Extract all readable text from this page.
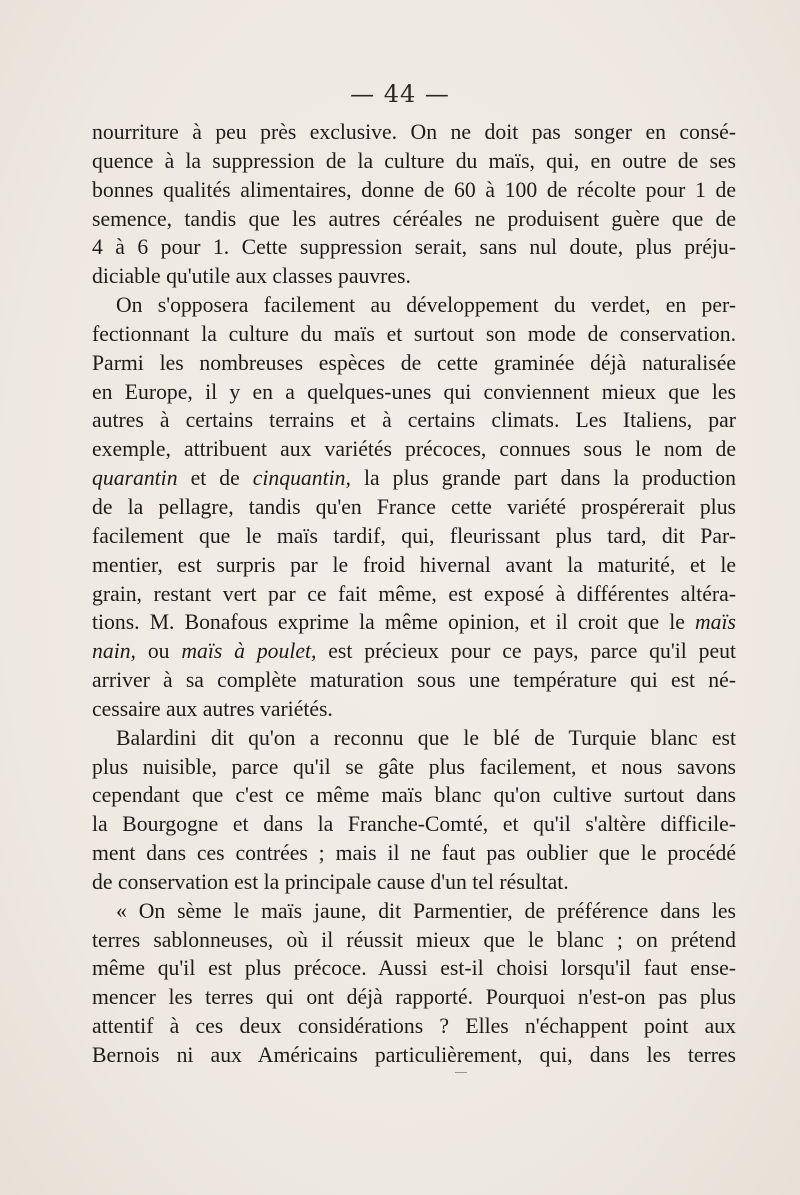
— 44 —
nourriture à peu près exclusive. On ne doit pas songer en consé-
quence à la suppression de la culture du maïs, qui, en outre de ses
bonnes qualités alimentaires, donne de 60 à 100 de récolte pour 1 de
semence, tandis que les autres céréales ne produisent guère que de
4 à 6 pour 1. Cette suppression serait, sans nul doute, plus préju-
diciable qu'utile aux classes pauvres.
On s'opposera facilement au développement du verdet, en per-
fectionnant la culture du maïs et surtout son mode de conservation.
Parmi les nombreuses espèces de cette graminée déjà naturalisée
en Europe, il y en a quelques-unes qui conviennent mieux que les
autres à certains terrains et à certains climats. Les Italiens, par
exemple, attribuent aux variétés précoces, connues sous le nom de
quarantin et de cinquantin, la plus grande part dans la production
de la pellagre, tandis qu'en France cette variété prospérerait plus
facilement que le maïs tardif, qui, fleurissant plus tard, dit Par-
mentier, est surpris par le froid hivernal avant la maturité, et le
grain, restant vert par ce fait même, est exposé à différentes altéra-
tions. M. Bonafous exprime la même opinion, et il croit que le maïs
nain, ou maïs à poulet, est précieux pour ce pays, parce qu'il peut
arriver à sa complète maturation sous une température qui est né-
cessaire aux autres variétés.
Balardini dit qu'on a reconnu que le blé de Turquie blanc est
plus nuisible, parce qu'il se gâte plus facilement, et nous savons
cependant que c'est ce même maïs blanc qu'on cultive surtout dans
la Bourgogne et dans la Franche-Comté, et qu'il s'altère difficile-
ment dans ces contrées ; mais il ne faut pas oublier que le procédé
de conservation est la principale cause d'un tel résultat.
« On sème le maïs jaune, dit Parmentier, de préférence dans les
terres sablonneuses, où il réussit mieux que le blanc ; on prétend
même qu'il est plus précoce. Aussi est-il choisi lorsqu'il faut ense-
mencer les terres qui ont déjà rapporté. Pourquoi n'est-on pas plus
attentif à ces deux considérations ? Elles n'échappent point aux
Bernois ni aux Américains particulièrement, qui, dans les terres
